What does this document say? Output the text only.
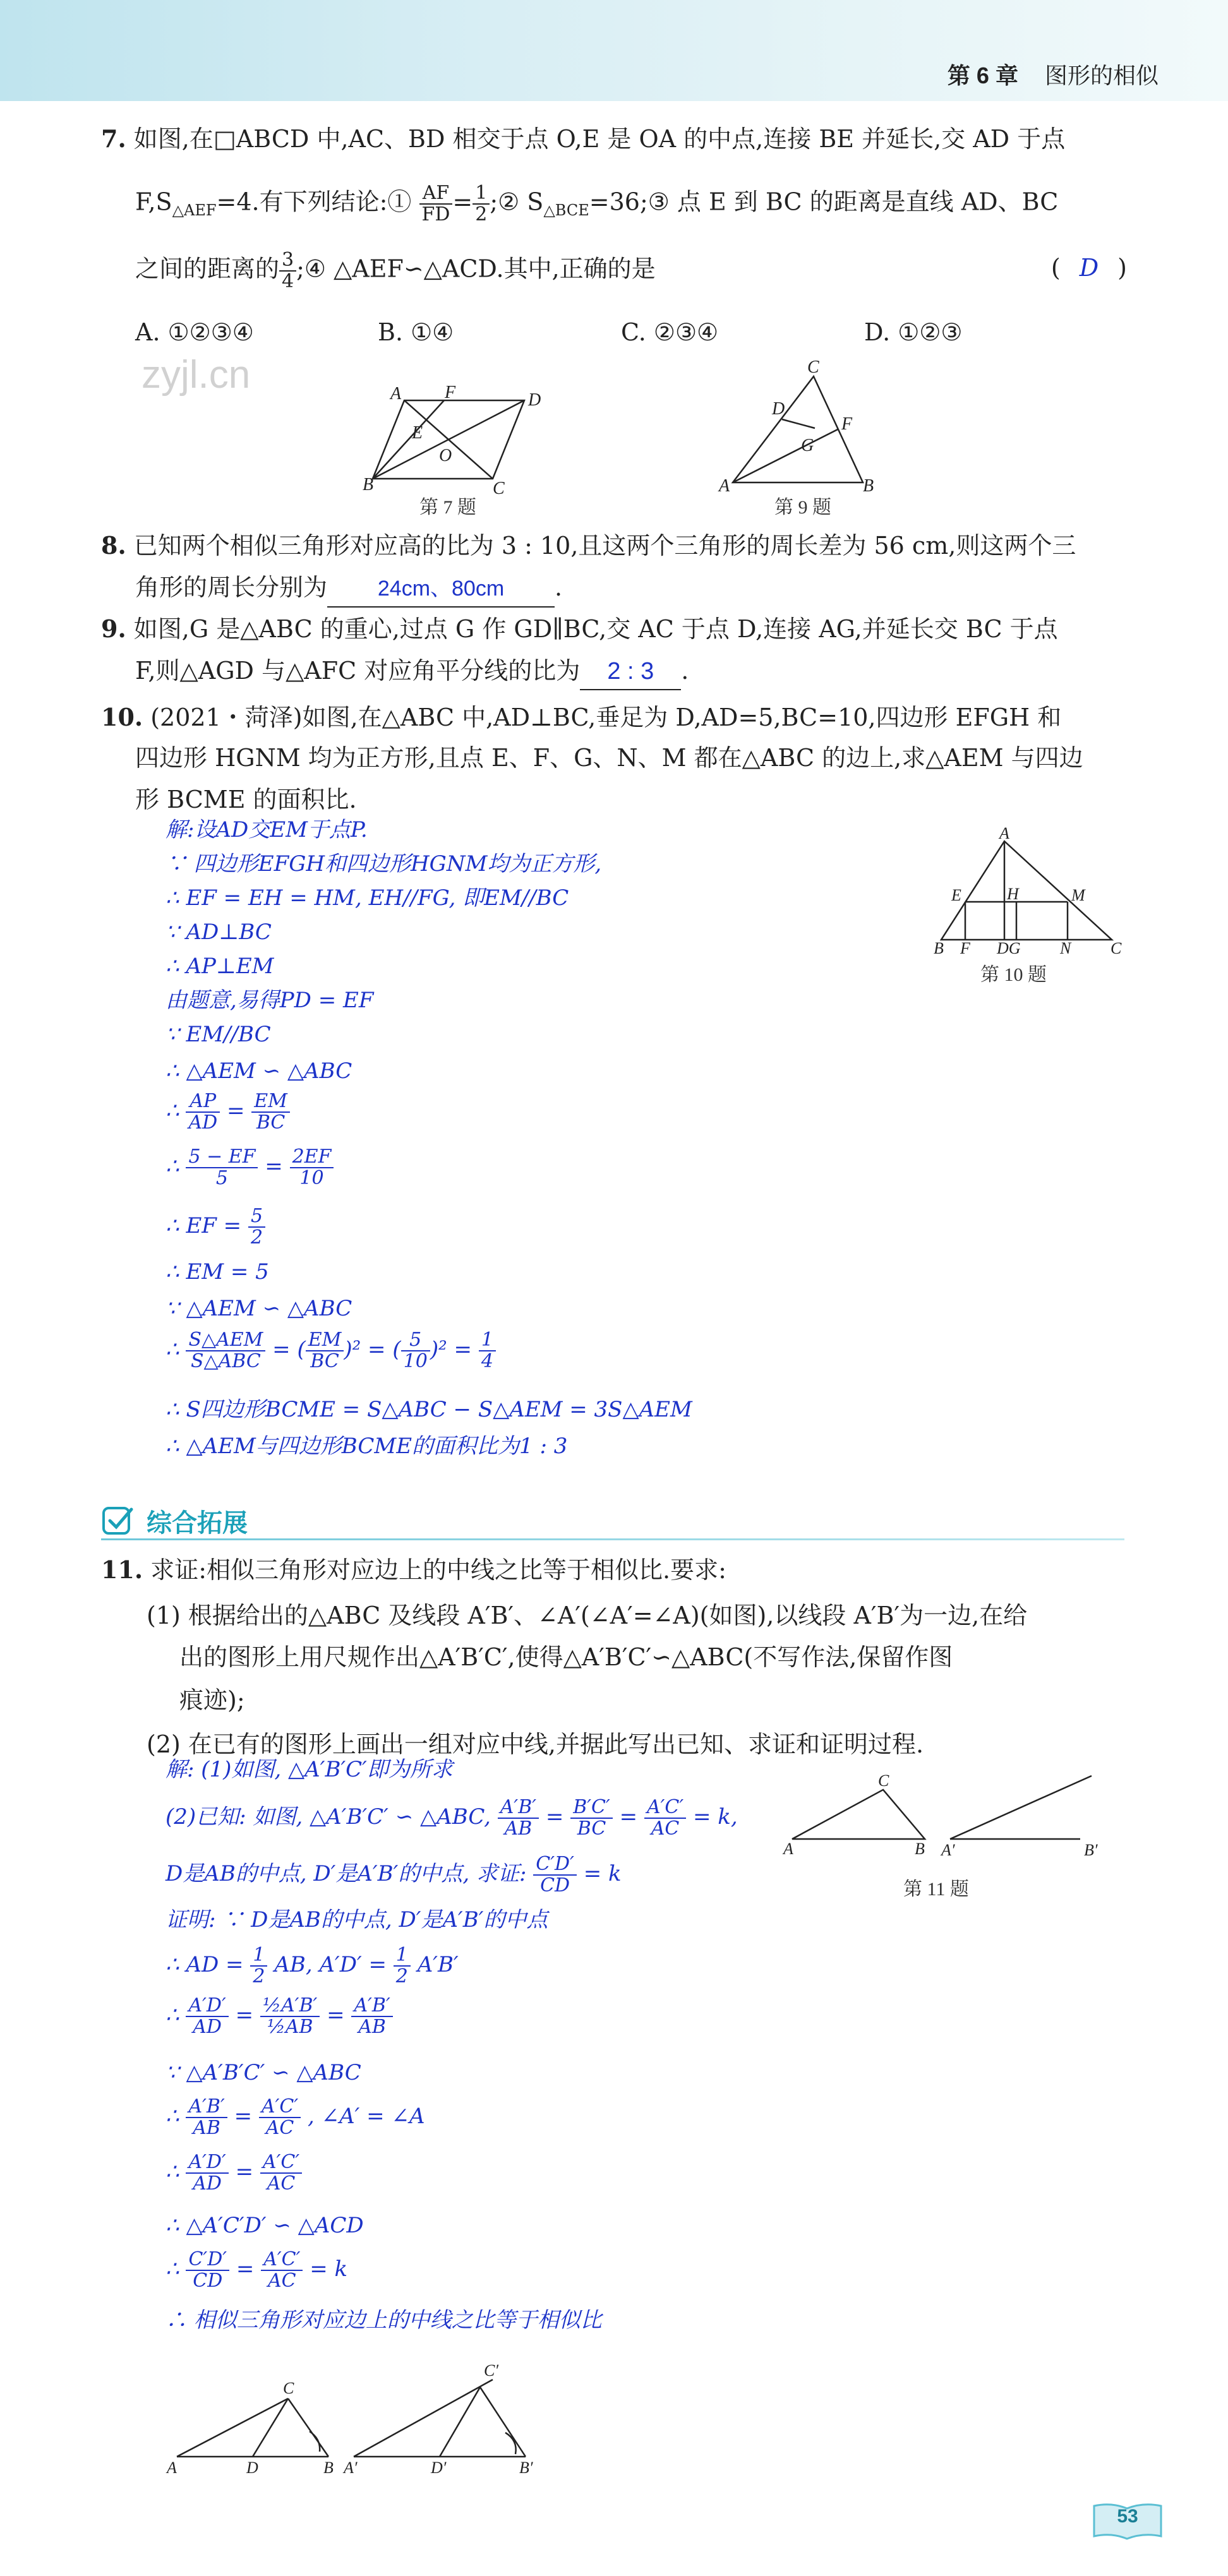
第 6 章 图形的相似
zyjl.cn
7. 如图,在□ABCD 中,AC、BD 相交于点 O,E 是 OA 的中点,连接 BE 并延长,交 AD 于点
$F,S_{\triangle AEF}=4$.有下列结论:① $\frac{AF}{FD} = \frac{1}{2}$ ;② $S_{\triangle BCE}=36;③$ 点 E 到 BC 的距离是直线 AD、BC
之间的距离的 $\frac{3}{4}$ ;④ △AEF∽△ACD.其中,正确的是	( D )
A. ①②③④	B. ①④	C. ②③④	D. ①②③
A F	D
E
O
B	C
第 7 题
C
D
F
G
A	B
第 9 题
8. 已知两个相似三角形对应高的比为 3 : 10,且这两个三角形的周长差为 56 cm,则这两个三
角形的周长分别为 24cm、80cm .
9. 如图,G 是△ABC 的重心,过点 G 作 GD∥BC,交 AC 于点 D,连接 AG,并延长交 BC 于点
F,则△AGD 与△AFC 对应角平分线的比为 2 : 3 .
10. (2021・菏泽)如图,在△ABC 中,AD⊥BC,垂足为 D,AD=5,BC=10,四边形 EFGH 和
四边形 HGNM 均为正方形,且点 E、F、G、N、M 都在△ABC 的边上,求△AEM 与四边
形 BCME 的面积比.
A
E	H	M
B F DG N C
第 10 题
解:设AD交EM于点P.
∵ 四边形EFGH和四边形HGNM均为正方形,
∴ EF = EH = HM, EH//FG, 即EM//BC
∵ AD⊥BC
∴ AP⊥EM
由题意,易得PD = EF
∵ EM//BC
∴ △AEM ∽ △ABC
∴ $\frac{AP}{AD} = \frac{EM}{BC}$
∴ $\frac{5 - EF}{5} = \frac{2EF}{10}$
∴ EF = $\frac{5}{2}$
∴ EM = 5
∵ △AEM ∽ △ABC
∴ $\frac{\text{S△AEM}}{\text{S△ABC}}$ = ( $\frac{EM}{BC} )^2$ = ( $\frac{5}{10} )^2 = \frac{1}{4}$
∴ S四边形BCME = S△ABC − S△AEM = 3S△AEM
∴ △AEM与四边形BCME的面积比为1 : 3
综合拓展
11. 求证:相似三角形对应边上的中线之比等于相似比.要求:
(1) 根据给出的△ABC 及线段 A′B′、∠A′(∠A′=∠A)(如图),以线段 A′B′为一边,在给
出的图形上用尺规作出△A′B′C′,使得△A′B′C′∽△ABC(不写作法,保留作图
痕迹);
(2) 在已有的图形上画出一组对应中线,并据此写出已知、求证和证明过程.
C
A	B A′	B′
第 11 题
解: (1)如图, △A′B′C′即为所求
(2)已知: 如图, △A′B′C′ ∽ △ABC, $\frac{A'B'}{AB} = \frac{B'C'}{BC} = \frac{A'C'}{AC} = k$,
D是AB的中点, D′是A′B′的中点, 求证: $\frac{C'D'}{CD} = k$
证明: ∵ D是AB的中点, D′是A′B′的中点
∴ AD = $\frac{1}{2}$ AB, $A'D' = \frac{1}{2} A'B'$
∴ $\frac{A'D'}{AD} = \frac{\text{½A′B′}}{\text{½AB}} = \frac{A'B'}{AB}$
∵ △A′B′C′ ∽ △ABC
∴ $\frac{A'B'}{AB} = \frac{A'C'}{AC}$ , ∠A′ = ∠A
∴ $\frac{A'D'}{AD} = \frac{A'C'}{AC}$
∴ △A′C′D′ ∽ △ACD
∴ $\frac{C'D'}{CD} = \frac{A'C'}{AC} = k$
∴ 相似三角形对应边上的中线之比等于相似比
C
A	D	B
C′
A′	D′	B′
53
